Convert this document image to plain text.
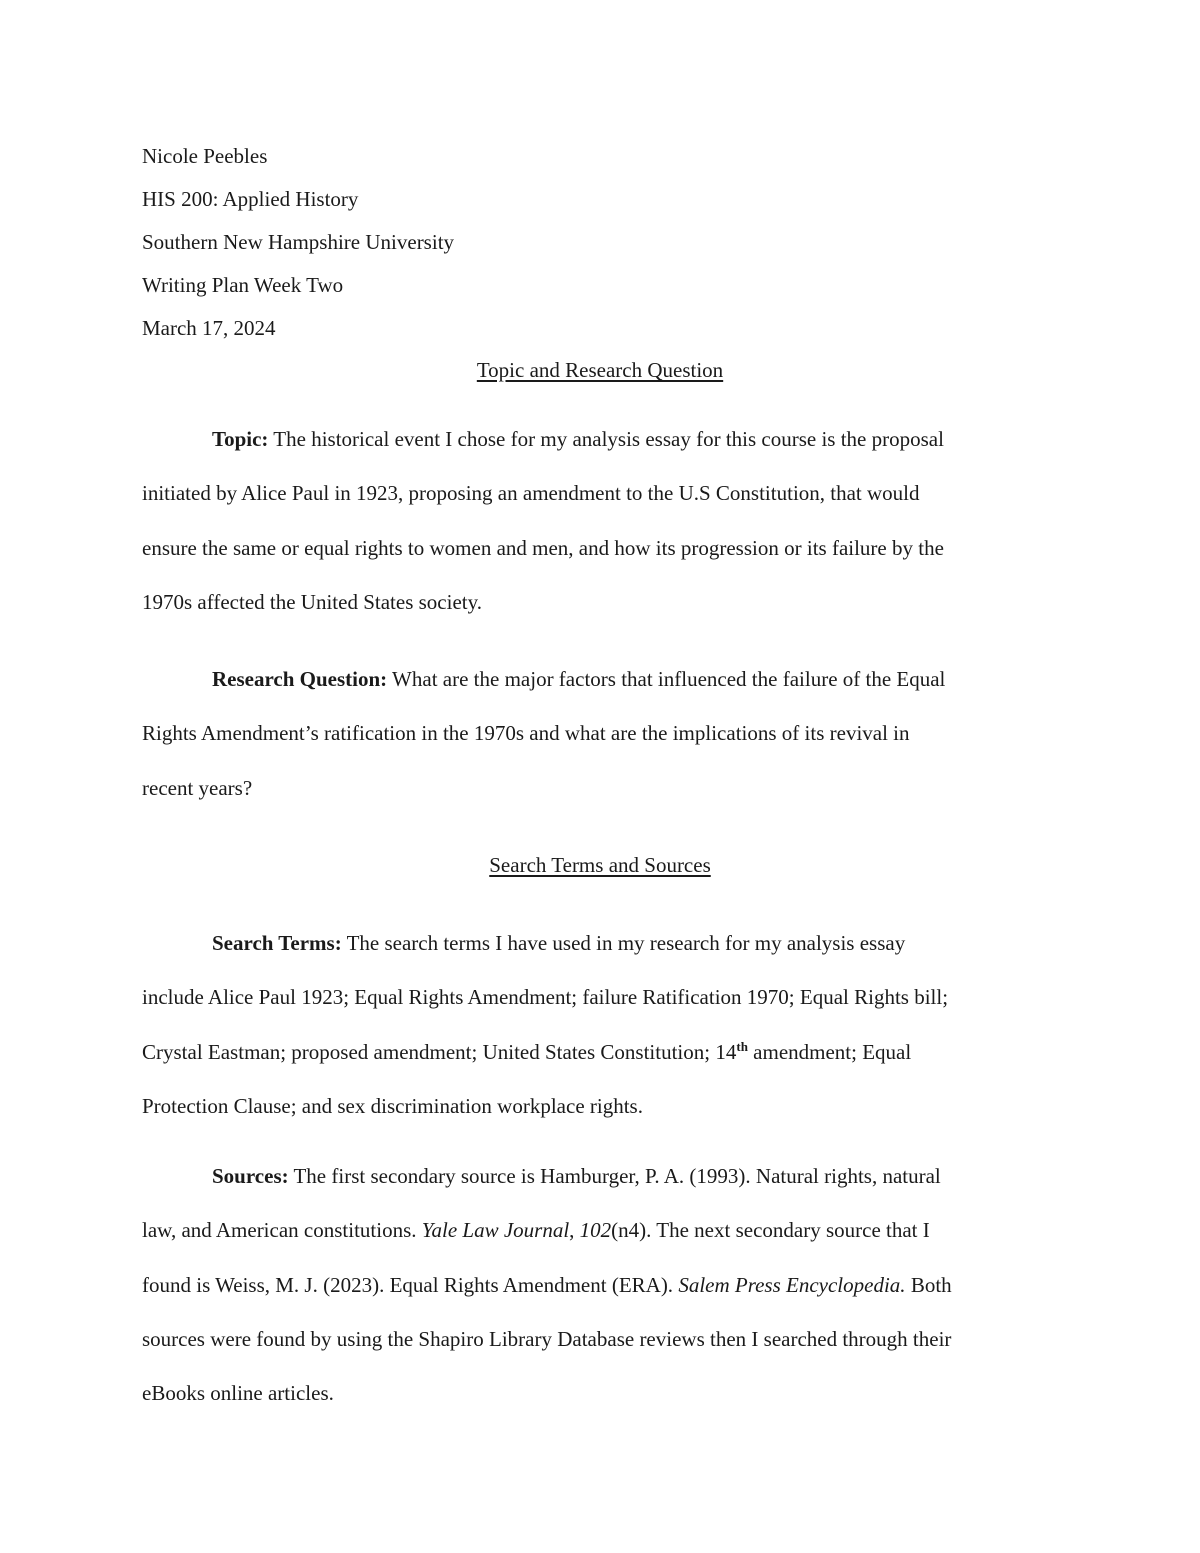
Nicole Peebles

HIS 200: Applied History

Southern New Hampshire University

Writing Plan Week Two

March 17, 2024

Topic and Research Question
Topic: The historical event I chose for my analysis essay for this course is the proposal
initiated by Alice Paul in 1923, proposing an amendment to the U.S Constitution, that would
ensure the same or equal rights to women and men, and how its progression or its failure by the
1970s affected the United States society.
Research Question: What are the major factors that influenced the failure of the Equal
Rights Amendment’s ratification in the 1970s and what are the implications of its revival in
recent years?
Search Terms and Sources
Search Terms: The search terms I have used in my research for my analysis essay
include Alice Paul 1923; Equal Rights Amendment; failure Ratification 1970; Equal Rights bill;
Crystal Eastman; proposed amendment; United States Constitution; 14th amendment; Equal
Protection Clause; and sex discrimination workplace rights.
Sources: The first secondary source is Hamburger, P. A. (1993). Natural rights, natural
law, and American constitutions. Yale Law Journal, 102(n4). The next secondary source that I
found is Weiss, M. J. (2023). Equal Rights Amendment (ERA). Salem Press Encyclopedia. Both
sources were found by using the Shapiro Library Database reviews then I searched through their
eBooks online articles.
